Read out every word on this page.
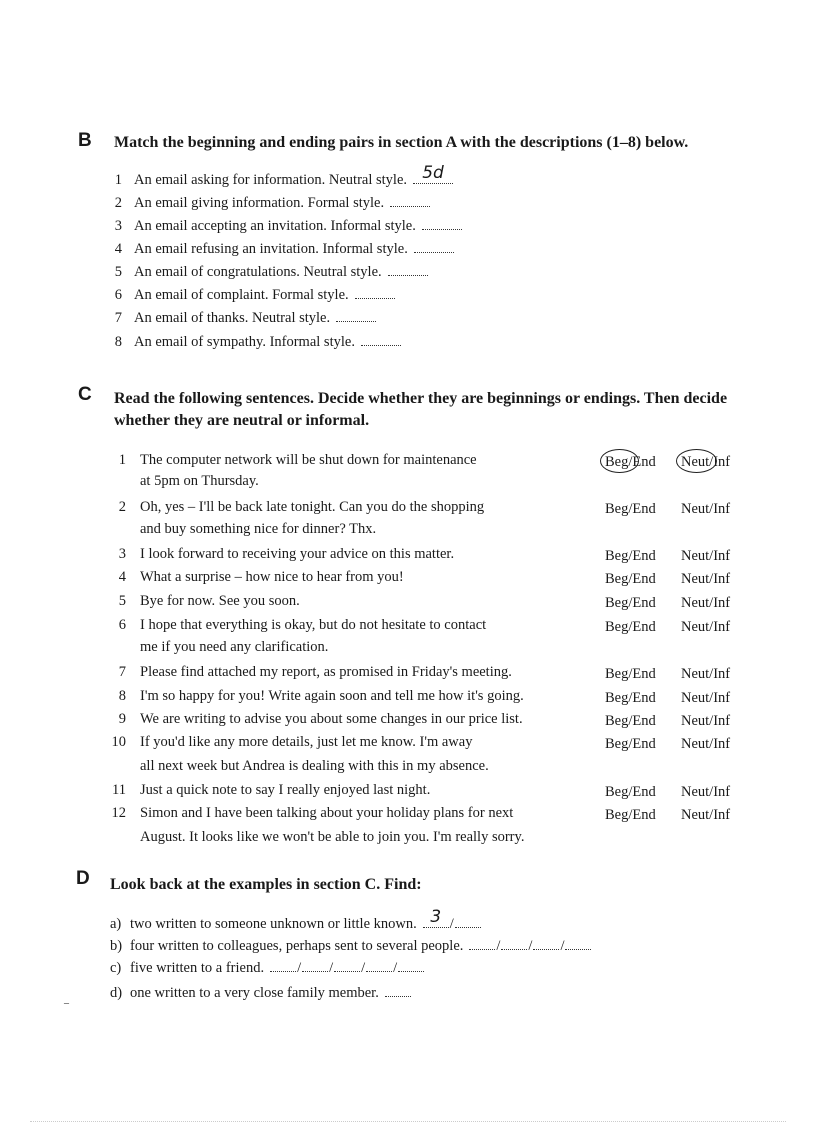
B Match the beginning and ending pairs in section A with the descriptions (1–8) below.
1 An email asking for information. Neutral style. 5d
2 An email giving information. Formal style.
3 An email accepting an invitation. Informal style.
4 An email refusing an invitation. Informal style.
5 An email of congratulations. Neutral style.
6 An email of complaint. Formal style.
7 An email of thanks. Neutral style.
8 An email of sympathy. Informal style.
C Read the following sentences. Decide whether they are beginnings or endings. Then decide
whether they are neutral or informal.
1 The computer network will be shut down for maintenance
at 5pm on Thursday.
Beg/End Neut/Inf
2 Oh, yes – I'll be back late tonight. Can you do the shopping
and buy something nice for dinner? Thx.
Beg/End Neut/Inf
3 I look forward to receiving your advice on this matter.	Beg/End Neut/Inf
4 What a surprise – how nice to hear from you!	Beg/End Neut/Inf
5 Bye for now. See you soon.	Beg/End Neut/Inf
6 I hope that everything is okay, but do not hesitate to contact
me if you need any clarification.
Beg/End Neut/Inf
7 Please find attached my report, as promised in Friday's meeting.	Beg/End Neut/Inf
8 I'm so happy for you! Write again soon and tell me how it's going.	Beg/End Neut/Inf
9 We are writing to advise you about some changes in our price list.	Beg/End Neut/Inf
10 If you'd like any more details, just let me know. I'm away
all next week but Andrea is dealing with this in my absence.
Beg/End Neut/Inf
11 Just a quick note to say I really enjoyed last night.	Beg/End Neut/Inf
12 Simon and I have been talking about your holiday plans for next
August. It looks like we won't be able to join you. I'm really sorry.
Beg/End Neut/Inf
D Look back at the examples in section C. Find:
a) two written to someone unknown or little known. 3 /
b) four written to colleagues, perhaps sent to several people. / / /
c) five written to a friend. / / / /
d) one written to a very close family member.
_
